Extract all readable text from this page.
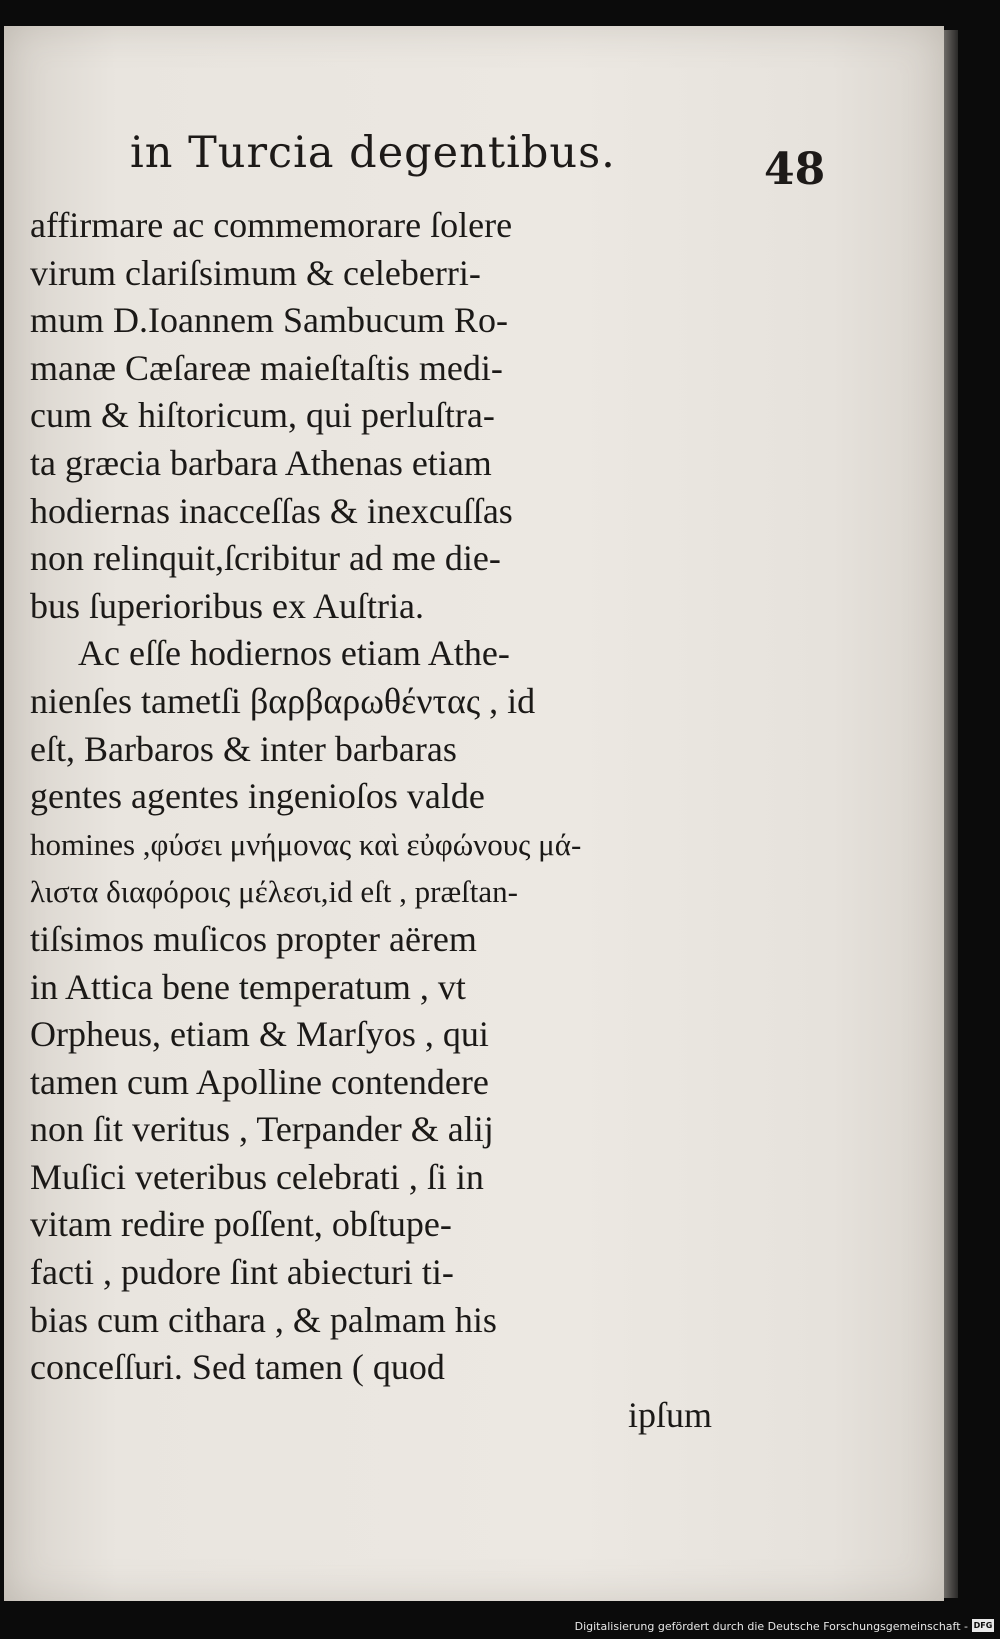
in Turcia degentibus.	48
affirmare ac commemorare ſolere
virum clariſsimum & celeberri-
mum D.Ioannem Sambucum Ro-
manæ Cæſareæ maieſtaſtis medi-
cum & hiſtoricum, qui perluſtra-
ta græcia barbara Athenas etiam
hodiernas inacceſſas & inexcuſſas
non relinquit,ſcribitur ad me die-
bus ſuperioribus ex Auſtria.
Ac eſſe hodiernos etiam Athe-
nienſes tametſi βαρβαρωθέντας , id
eſt, Barbaros & inter barbaras
gentes agentes ingenioſos valde
homines ,φύσει μνήμονας καὶ εὐφώνους μά-
λιστα διαφόροις μέλεσι,id eſt , præſtan-
tiſsimos muſicos propter aërem
in Attica bene temperatum , vt
Orpheus, etiam & Marſyos , qui
tamen cum Apolline contendere
non ſit veritus , Terpander & alij
Muſici veteribus celebrati , ſi in
vitam redire poſſent, obſtupe-
facti , pudore ſint abiecturi ti-
bias cum cithara , & palmam his
conceſſuri. Sed tamen ( quod
ipſum
Digitalisierung gefördert durch die Deutsche Forschungsgemeinschaft - DFG
